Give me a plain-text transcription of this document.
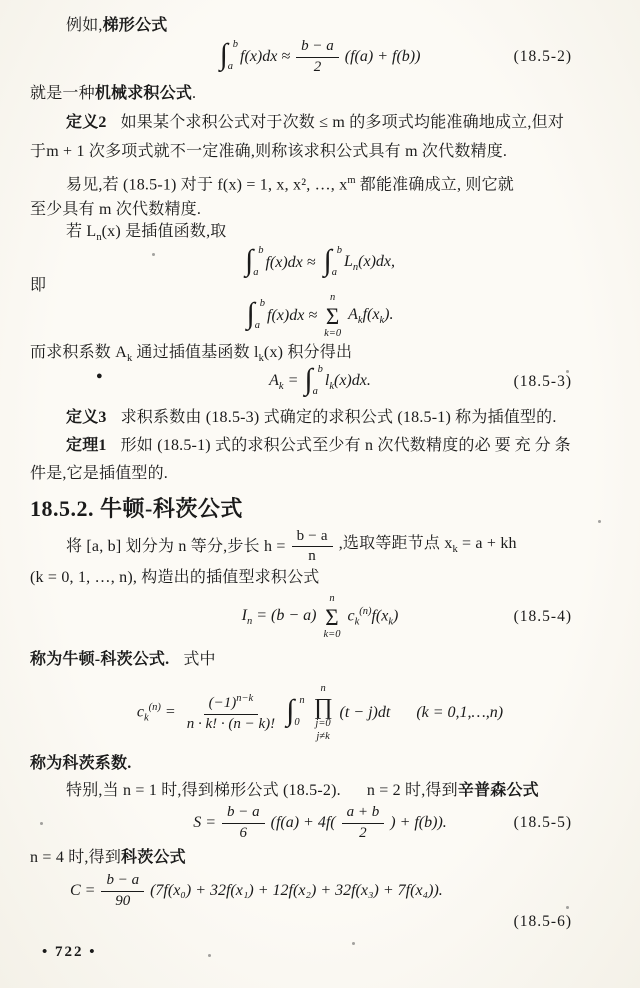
例如,梯形公式
∫ b
a
$f(x)dx \approx \frac{b - a}{2} (f(a) + f(b))$	(18.5-2)
就是一种机械求积公式.
定义2 如果某个求积公式对于次数 ≤ m 的多项式均能准确地成立,但对
于m + 1 次多项式就不一定准确,则称该求积公式具有 m 次代数精度.
易见,若 (18.5-1) 对于 f(x) = 1, x, x², …, $x^m$ 都能准确成立, 则它就
至少具有 m 次代数精度.
若 $L_n(x)$ 是插值函数,取
∫ b
a
f(x)dx ≈ ∫ b
a
$L_n(x)dx$,
即
∫ b
a
f(x)dx ≈
n
Σ
k=0
$A_kf(x_k)$.
而求积系数 $A_k$ 通过插值基函数 $l_k(x)$ 积分得出
●	$A_k$ = ∫ b
a
$l_k(x)dx$.	(18.5-3)
定义3 求积系数由 (18.5-3) 式确定的求积公式 (18.5-1) 称为插值型的.
定理1 形如 (18.5-1) 式的求积公式至少有 n 次代数精度的必要充分条
件是,它是插值型的.
18.5.2. 牛顿-科茨公式
将 [a, b] 划分为 n 等分,步长 $h = \frac{b - a}{n}$ ,选取等距节点 $x_k = a$ + kh
(k = 0, 1, …, n), 构造出的插值型求积公式
$I_n = (b - a)$
n
Σ
k=0
$c_k^{(n)}f(x_k)$	(18.5-4)
称为牛顿-科茨公式. 式中
$c_k^{(n)} = \frac{(-1)^{n-k}}{n \cdot k! \cdot (n - k)!}$ ∫ n
0
n
∏
j=0
j≠k
(t − j)dt (k = 0,1,…,n)
称为科茨系数.
特别,当 n = 1 时,得到梯形公式 (18.5-2). n = 2 时,得到辛普森公式
$S = \frac{b - a}{6} (f(a) + 4f( \frac{a + b}{2}$ ) + f(b)).	(18.5-5)
n = 4 时,得到科茨公式
$C = \frac{b - a}{90} (7f(x_0) + 32f(x_1) + 12f(x_2) + 32f(x_3) + 7f(x_4))$.
(18.5-6)
• 722 •
